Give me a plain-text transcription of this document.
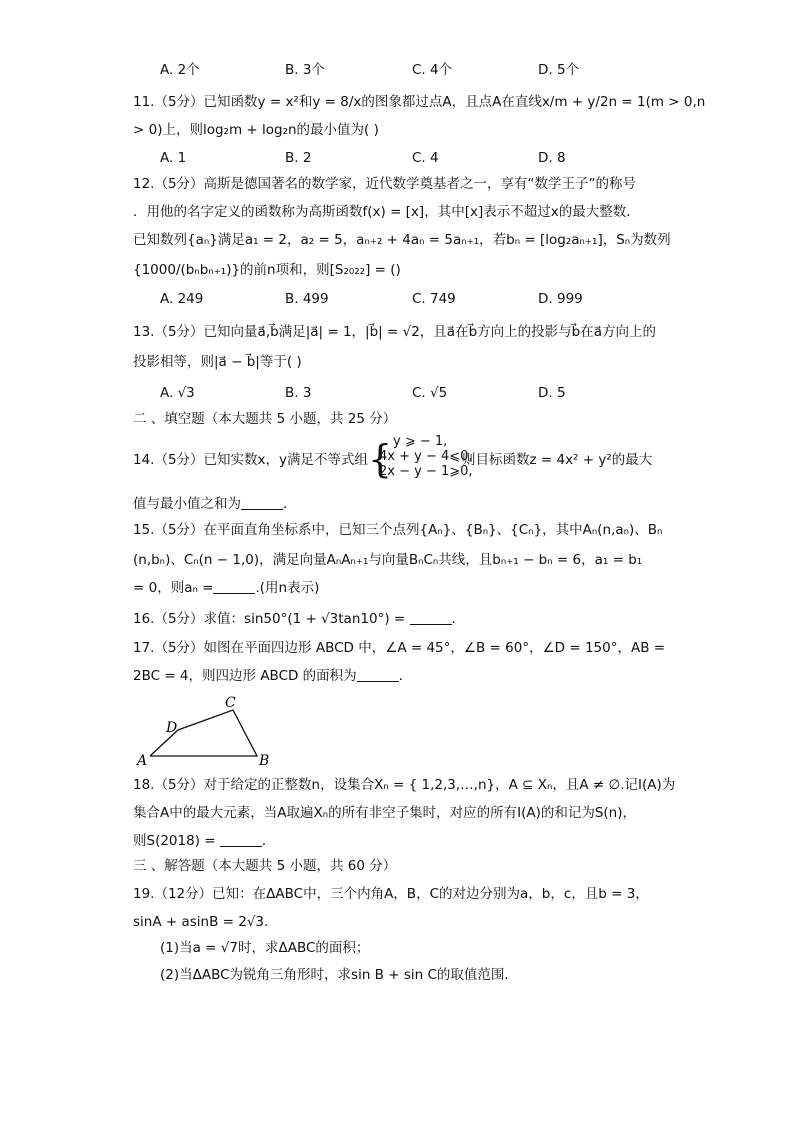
A. 2个	B. 3个	C. 4个	D. 5个
11.（5分）已知函数y = x²和y = 8/x的图象都过点A，且点A在直线x/m + y/2n = 1(m > 0,n
> 0)上，则log₂m + log₂n的最小值为( )
A. 1	B. 2	C. 4	D. 8
12.（5分）高斯是德国著名的数学家，近代数学奠基者之一，享有“数学王子”的称号
．用他的名字定义的函数称为高斯函数f(x) = [x]，其中[x]表示不超过x的最大整数．
已知数列{aₙ}满足a₁ = 2，a₂ = 5，aₙ₊₂ + 4aₙ = 5aₙ₊₁，若bₙ = [log₂aₙ₊₁]，Sₙ为数列
{1000/(bₙbₙ₊₁)}的前n项和，则[S₂₀₂₂] = ()
A. 249	B. 499	C. 749	D. 999
13.（5分）已知向量a⃗,b⃗满足|a⃗| = 1，|b⃗| = √2，且a⃗在b⃗方向上的投影与b⃗在a⃗方向上的
投影相等，则|a⃗ − b⃗|等于( )
A. √3	B. 3	C. √5	D. 5
二 、填空题（本大题共 5 小题，共 25 分）
14.（5分）已知实数x，y满足不等式组 { y ⩾ − 1,
4x + y − 4⩽0,
2x − y − 1⩾0,
则目标函数z = 4x² + y²的最大
值与最小值之和为	．
15.（5分）在平面直角坐标系中，已知三个点列{Aₙ}、{Bₙ}、{Cₙ}，其中Aₙ(n,aₙ)、Bₙ
(n,bₙ)、Cₙ(n − 1,0)，满足向量AₙAₙ₊₁与向量BₙCₙ共线，且bₙ₊₁ − bₙ = 6，a₁ = b₁
= 0，则aₙ =	.(用n表示)
16.（5分）求值：sin50°(1 + √3tan10°) =	．
17.（5分）如图在平面四边形 ABCD 中，∠A = 45°，∠B = 60°，∠D = 150°，AB =
2BC = 4，则四边形 ABCD 的面积为	．
A	B
C
D
18.（5分）对于给定的正整数n，设集合Xₙ = { 1,2,3,…,n}，A ⊆ Xₙ，且A ≠ ∅.记I(A)为
集合A中的最大元素，当A取遍Xₙ的所有非空子集时，对应的所有I(A)的和记为S(n)，
则S(2018) =	．
三 、解答题（本大题共 5 小题，共 60 分）
19.（12分）已知：在ΔABC中，三个内角A，B，C的对边分别为a，b，c，且b = 3，
sinA + asinB = 2√3.
(1)当a = √7时，求ΔABC的面积；
(2)当ΔABC为锐角三角形时，求sin B + sin C的取值范围．
